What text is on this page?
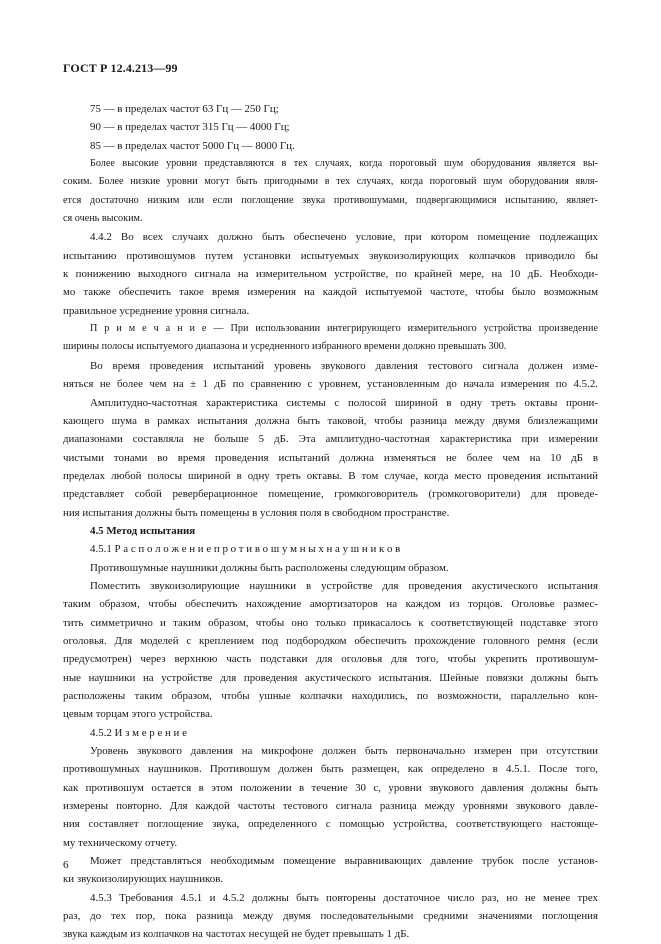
ГОСТ Р 12.4.213—99

75 — в пределах частот 63 Гц — 250 Гц;

90 — в пределах частот 315 Гц — 4000 Гц;

85 — в пределах частот 5000 Гц — 8000 Гц.

Более высокие уровни представляются в тех случаях, когда пороговый шум оборудования является вы-

соким. Более низкие уровни могут быть пригодными в тех случаях, когда пороговый шум оборудования явля-

ется достаточно низким или если поглощение звука противошумами, подвергающимися испытанию, являет-

ся очень высоким.

4.4.2 Во всех случаях должно быть обеспечено условие, при котором помещение подлежащих

испытанию противошумов путем установки испытуемых звукоизолирующих колпачков приводило бы

к понижению выходного сигнала на измерительном устройстве, по крайней мере, на 10 дБ. Необходи-

мо также обеспечить такое время измерения на каждой испытуемой частоте, чтобы было возможным

правильное усреднение уровня сигнала.

П р и м е ч а н и е — При использовании интегрирующего измерительного устройства произведение

ширины полосы испытуемого диапазона и усредненного избранного времени должно превышать 300.

Во время проведения испытаний уровень звукового давления тестового сигнала должен изме-

няться не более чем на ± 1 дБ по сравнению с уровнем, установленным до начала измерения по 4.5.2.

Амплитудно-частотная характеристика системы с полосой шириной в одну треть октавы прони-

кающего шума в рамках испытания должна быть таковой, чтобы разница между двумя близлежащими

диапазонами составляла не больше 5 дБ. Эта амплитудно-частотная характеристика при измерении

чистыми тонами во время проведения испытаний должна изменяться не более чем на 10 дБ в

пределах любой полосы шириной в одну треть октавы. В том случае, когда место проведения испытаний

представляет собой реверберационное помещение, громкоговоритель (громкоговорители) для проведе-

ния испытания должны быть помещены в условия поля в свободном пространстве.

4.5 Метод испытания

4.5.1 Р а с п о л о ж е н и е п р о т и в о ш у м н ы х н а у ш н и к о в

Противошумные наушники должны быть расположены следующим образом.

Поместить звукоизолирующие наушники в устройстве для проведения акустического испытания

таким образом, чтобы обеспечить нахождение амортизаторов на каждом из торцов. Оголовье размес-

тить симметрично и таким образом, чтобы оно только прикасалось к соответствующей подставке этого

оголовья. Для моделей с креплением под подбородком обеспечить прохождение головного ремня (если

предусмотрен) через верхнюю часть подставки для оголовья для того, чтобы укрепить противошум-

ные наушники на устройстве для проведения акустического испытания. Шейные повязки должны быть

расположены таким образом, чтобы ушные колпачки находились, по возможности, параллельно кон-

цевым торцам этого устройства.

4.5.2 И з м е р е н и е

Уровень звукового давления на микрофоне должен быть первоначально измерен при отсутствии

противошумных наушников. Противошум должен быть размещен, как определено в 4.5.1. После того,

как противошум остается в этом положении в течение 30 с, уровни звукового давления должны быть

измерены повторно. Для каждой частоты тестового сигнала разница между уровнями звукового давле-

ния составляет поглощение звука, определенного с помощью устройства, соответствующего настояще-

му техническому отчету.

Может представляться необходимым помещение выравнивающих давление трубок после установ-

ки звукоизолирующих наушников.

4.5.3 Требования 4.5.1 и 4.5.2 должны быть повторены достаточное число раз, но не менее трех

раз, до тех пор, пока разница между двумя последовательными средними значениями поглощения

звука каждым из колпачков на частотах несущей не будет превышать 1 дБ.

6
